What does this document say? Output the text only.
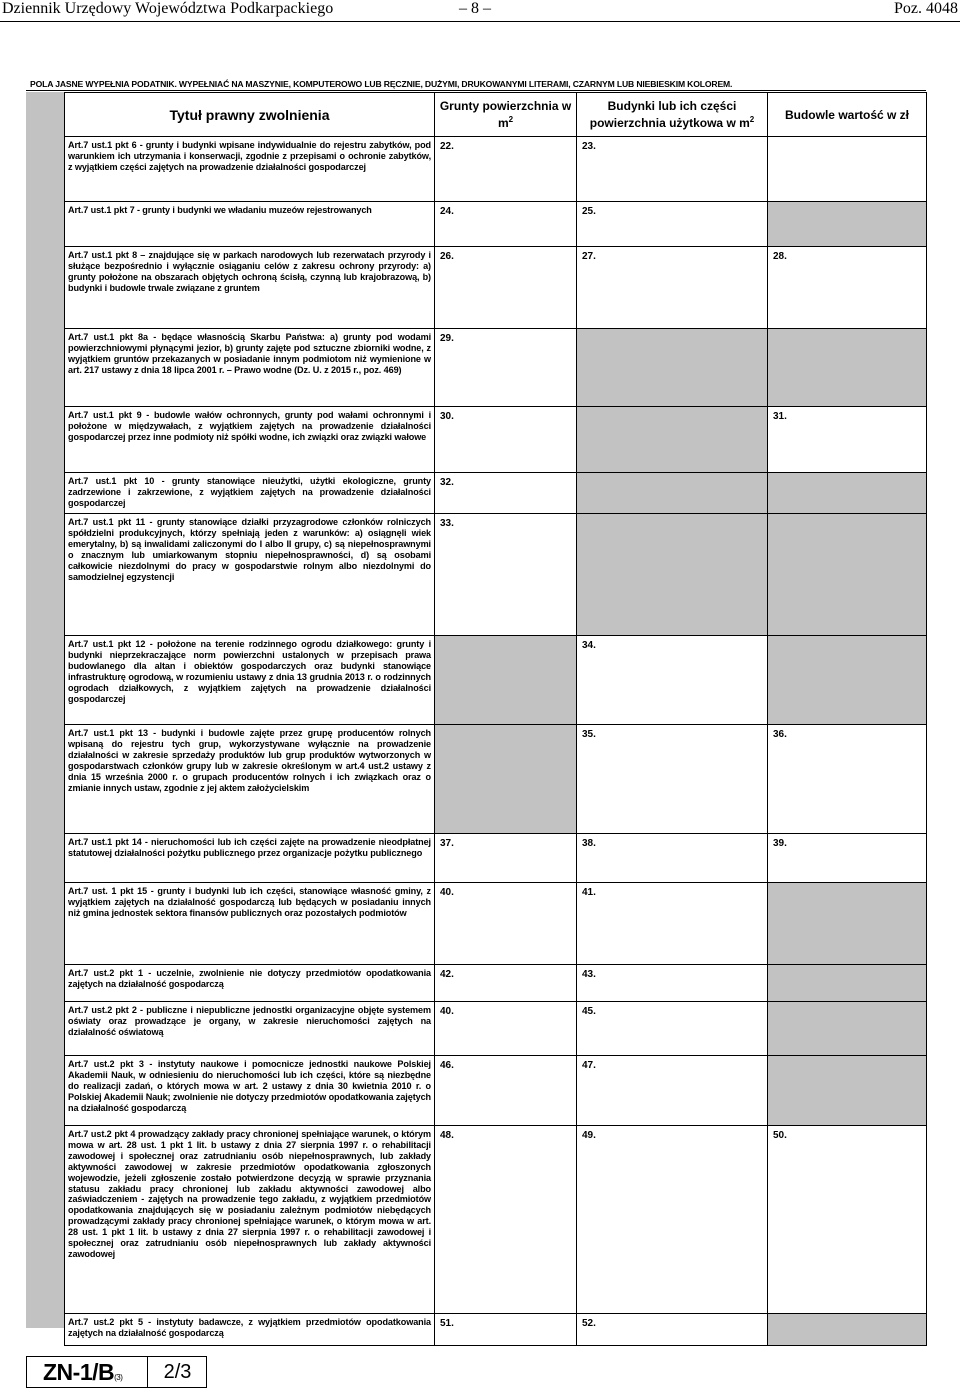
Dziennik Urzędowy Województwa Podkarpackiego	– 8 –	Poz. 4048
POLA JASNE WYPEŁNIA PODATNIK. WYPEŁNIAĆ NA MASZYNIE, KOMPUTEROWO LUB RĘCZNIE, DUŻYMI, DRUKOWANYMI LITERAMI, CZARNYM LUB NIEBIESKIM KOLOREM.
Tytuł prawny zwolnienia	Grunty powierzchnia w $m^2$	Budynki lub ich części powierzchnia użytkowa w $m^2$	Budowle wartość w zł
Art.7 ust.1 pkt 6 - grunty i budynki wpisane indywidualnie do rejestru zabytków, pod warunkiem ich utrzymania i konserwacji, zgodnie z przepisami o ochronie zabytków, z wyjątkiem części zajętych na prowadzenie działalności gospodarczej	22.	23.	
Art.7 ust.1 pkt 7 - grunty i budynki we władaniu muzeów rejestrowanych	24.	25.	
Art.7 ust.1 pkt 8 – znajdujące się w parkach narodowych lub rezerwatach przyrody i służące bezpośrednio i wyłącznie osiąganiu celów z zakresu ochrony przyrody: a) grunty położone na obszarach objętych ochroną ścisłą, czynną lub krajobrazową, b) budynki i budowle trwale związane z gruntem	26.	27.	28.
Art.7 ust.1 pkt 8a - będące własnością Skarbu Państwa: a) grunty pod wodami powierzchniowymi płynącymi jezior, b) grunty zajęte pod sztuczne zbiorniki wodne, z wyjątkiem gruntów przekazanych w posiadanie innym podmiotom niż wymienione w art. 217 ustawy z dnia 18 lipca 2001 r. – Prawo wodne (Dz. U. z 2015 r., poz. 469)	29.		
Art.7 ust.1 pkt 9 - budowle wałów ochronnych, grunty pod wałami ochronnymi i położone w międzywałach, z wyjątkiem zajętych na prowadzenie działalności gospodarczej przez inne podmioty niż spółki wodne, ich związki oraz związki wałowe	30.		31.
Art.7 ust.1 pkt 10 - grunty stanowiące nieużytki, użytki ekologiczne, grunty zadrzewione i zakrzewione, z wyjątkiem zajętych na prowadzenie działalności gospodarczej	32.		
Art.7 ust.1 pkt 11 - grunty stanowiące działki przyzagrodowe członków rolniczych spółdzielni produkcyjnych, którzy spełniają jeden z warunków: a) osiągnęli wiek emerytalny, b) są inwalidami zaliczonymi do I albo II grupy, c) są niepełnosprawnymi o znacznym lub umiarkowanym stopniu niepełnosprawności, d) są osobami całkowicie niezdolnymi do pracy w gospodarstwie rolnym albo niezdolnymi do samodzielnej egzystencji	33.		
Art.7 ust.1 pkt 12 - położone na terenie rodzinnego ogrodu działkowego: grunty i budynki nieprzekraczające norm powierzchni ustalonych w przepisach prawa budowlanego dla altan i obiektów gospodarczych oraz budynki stanowiące infrastrukturę ogrodową, w rozumieniu ustawy z dnia 13 grudnia 2013 r. o rodzinnych ogrodach działkowych, z wyjątkiem zajętych na prowadzenie działalności gospodarczej		34.	
Art.7 ust.1 pkt 13 - budynki i budowle zajęte przez grupę producentów rolnych wpisaną do rejestru tych grup, wykorzystywane wyłącznie na prowadzenie działalności w zakresie sprzedaży produktów lub grup produktów wytworzonych w gospodarstwach członków grupy lub w zakresie określonym w art.4 ust.2 ustawy z dnia 15 września 2000 r. o grupach producentów rolnych i ich związkach oraz o zmianie innych ustaw, zgodnie z jej aktem założycielskim		35.	36.
Art.7 ust.1 pkt 14 - nieruchomości lub ich części zajęte na prowadzenie nieodpłatnej statutowej działalności pożytku publicznego przez organizacje pożytku publicznego	37.	38.	39.
Art.7 ust. 1 pkt 15 - grunty i budynki lub ich części, stanowiące własność gminy, z wyjątkiem zajętych na działalność gospodarczą lub będących w posiadaniu innych niż gmina jednostek sektora finansów publicznych oraz pozostałych podmiotów	40.	41.	
Art.7 ust.2 pkt 1 - uczelnie, zwolnienie nie dotyczy przedmiotów opodatkowania zajętych na działalność gospodarczą	42.	43.	
Art.7 ust.2 pkt 2 - publiczne i niepubliczne jednostki organizacyjne objęte systemem oświaty oraz prowadzące je organy, w zakresie nieruchomości zajętych na działalność oświatową	40.	45.	
Art.7 ust.2 pkt 3 - instytuty naukowe i pomocnicze jednostki naukowe Polskiej Akademii Nauk, w odniesieniu do nieruchomości lub ich części, które są niezbędne do realizacji zadań, o których mowa w art. 2 ustawy z dnia 30 kwietnia 2010 r. o Polskiej Akademii Nauk; zwolnienie nie dotyczy przedmiotów opodatkowania zajętych na działalność gospodarczą	46.	47.	
Art.7 ust.2 pkt 4 prowadzący zakłady pracy chronionej spełniające warunek, o którym mowa w art. 28 ust. 1 pkt 1 lit. b ustawy z dnia 27 sierpnia 1997 r. o rehabilitacji zawodowej i społecznej oraz zatrudnianiu osób niepełnosprawnych, lub zakłady aktywności zawodowej w zakresie przedmiotów opodatkowania zgłoszonych wojewodzie, jeżeli zgłoszenie zostało potwierdzone decyzją w sprawie przyznania statusu zakładu pracy chronionej lub zakładu aktywności zawodowej albo zaświadczeniem - zajętych na prowadzenie tego zakładu, z wyjątkiem przedmiotów opodatkowania znajdujących się w posiadaniu zależnym podmiotów niebędących prowadzącymi zakłady pracy chronionej spełniające warunek, o którym mowa w art. 28 ust. 1 pkt 1 lit. b ustawy z dnia 27 sierpnia 1997 r. o rehabilitacji zawodowej i społecznej oraz zatrudnianiu osób niepełnosprawnych lub zakłady aktywności zawodowej	48.	49.	50.
Art.7 ust.2 pkt 5 - instytuty badawcze, z wyjątkiem przedmiotów opodatkowania zajętych na działalność gospodarczą	51.	52.	
ZN-1/B(3)	2/3
